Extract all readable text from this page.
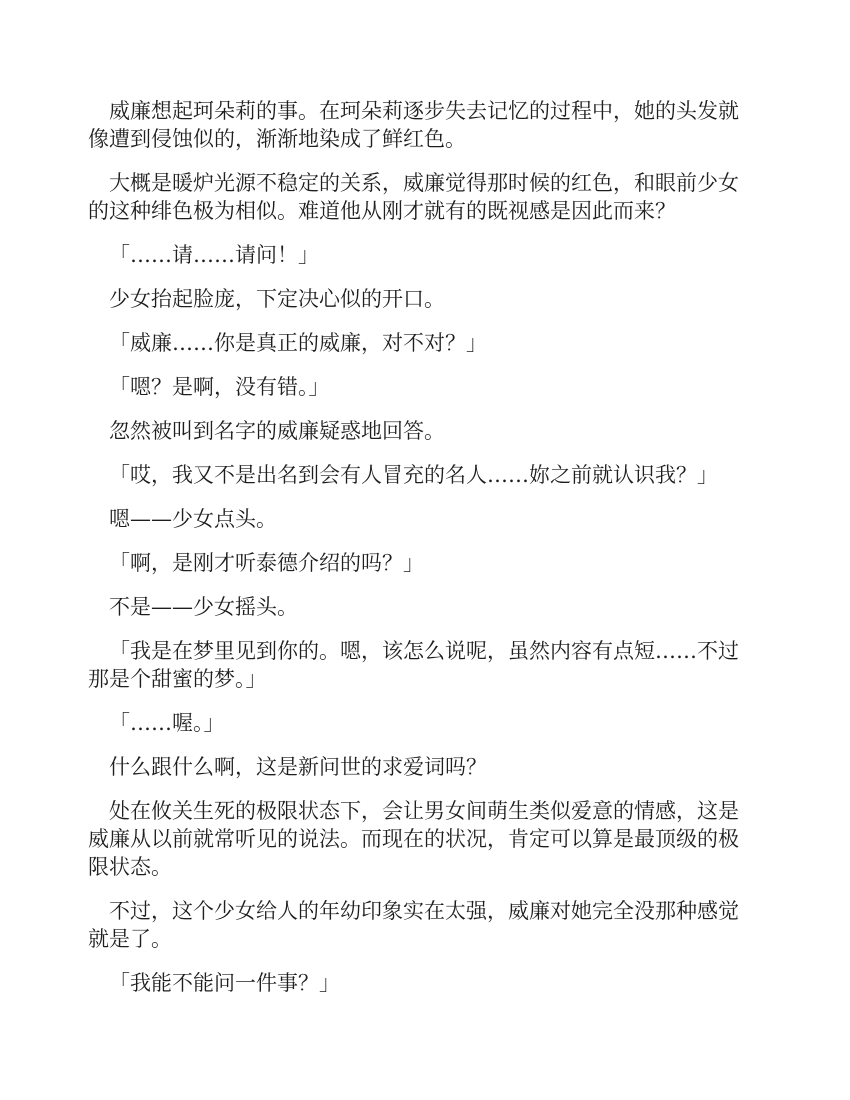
威廉想起珂朵莉的事。在珂朵莉逐步失去记忆的过程中，她的头发就像遭到侵蚀似的，渐渐地染成了鲜红色。

大概是暖炉光源不稳定的关系，威廉觉得那时候的红色，和眼前少女的这种绯色极为相似。难道他从刚才就有的既视感是因此而来？

「……请……请问！」

少女抬起脸庞，下定决心似的开口。

「威廉……你是真正的威廉，对不对？」

「嗯？是啊，没有错。」

忽然被叫到名字的威廉疑惑地回答。

「哎，我又不是出名到会有人冒充的名人……妳之前就认识我？」

嗯——少女点头。

「啊，是刚才听泰德介绍的吗？」

不是——少女摇头。

「我是在梦里见到你的。嗯，该怎么说呢，虽然内容有点短……不过那是个甜蜜的梦。」

「……喔。」

什么跟什么啊，这是新问世的求爱词吗？

处在攸关生死的极限状态下，会让男女间萌生类似爱意的情感，这是威廉从以前就常听见的说法。而现在的状况，肯定可以算是最顶级的极限状态。

不过，这个少女给人的年幼印象实在太强，威廉对她完全没那种感觉就是了。

「我能不能问一件事？」
